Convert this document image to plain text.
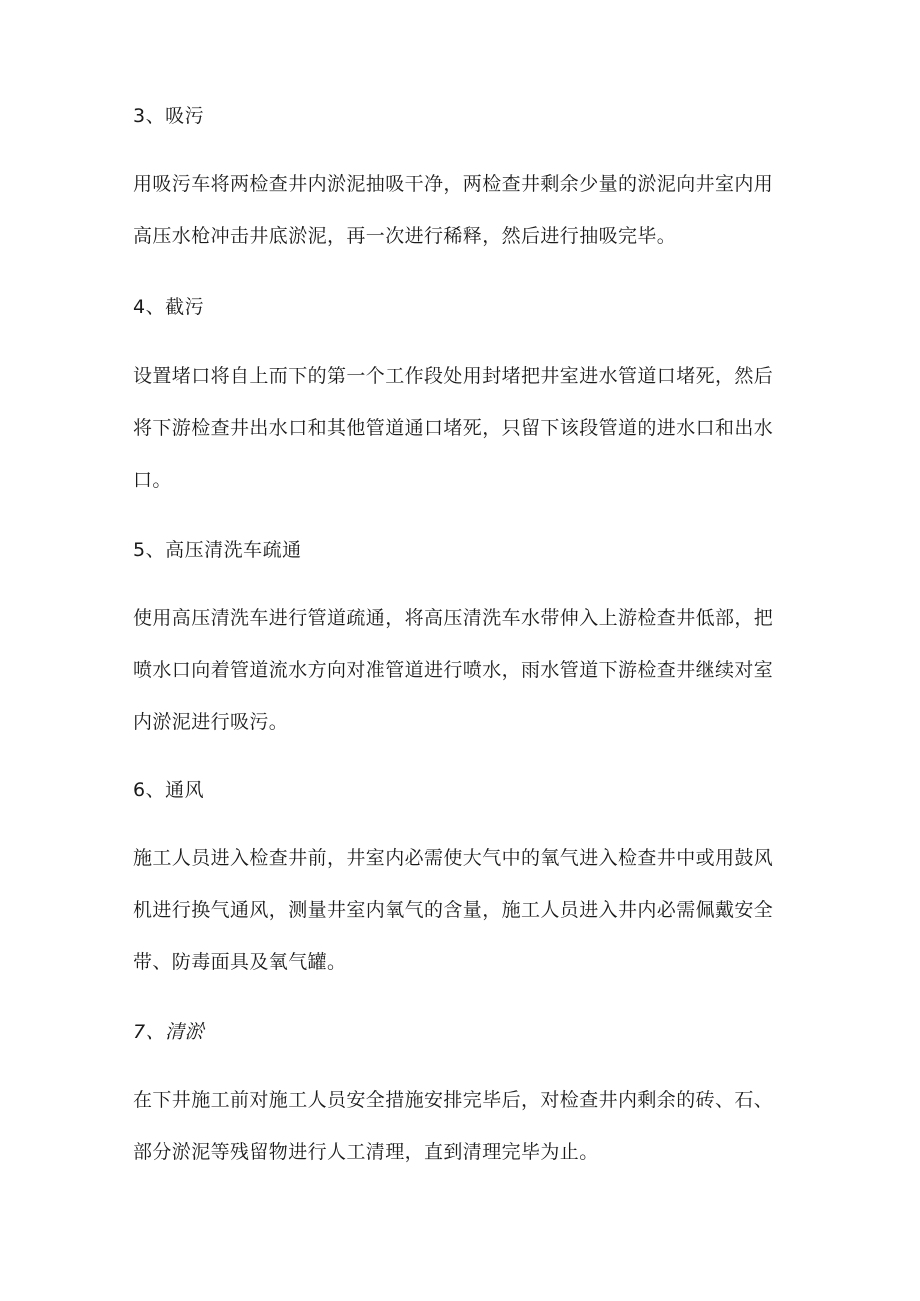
3、吸污
用吸污车将两检查井内淤泥抽吸干净，两检查井剩余少量的淤泥向井室内用
高压水枪冲击井底淤泥，再一次进行稀释，然后进行抽吸完毕。
4、截污
设置堵口将自上而下的第一个工作段处用封堵把井室进水管道口堵死，然后
将下游检查井出水口和其他管道通口堵死，只留下该段管道的进水口和出水
口。
5、高压清洗车疏通
使用高压清洗车进行管道疏通，将高压清洗车水带伸入上游检查井低部，把
喷水口向着管道流水方向对准管道进行喷水，雨水管道下游检查井继续对室
内淤泥进行吸污。
6、通风
施工人员进入检查井前，井室内必需使大气中的氧气进入检查井中或用鼓风
机进行换气通风，测量井室内氧气的含量，施工人员进入井内必需佩戴安全
带、防毒面具及氧气罐。
7、清淤
在下井施工前对施工人员安全措施安排完毕后，对检查井内剩余的砖、石、
部分淤泥等残留物进行人工清理，直到清理完毕为止。
